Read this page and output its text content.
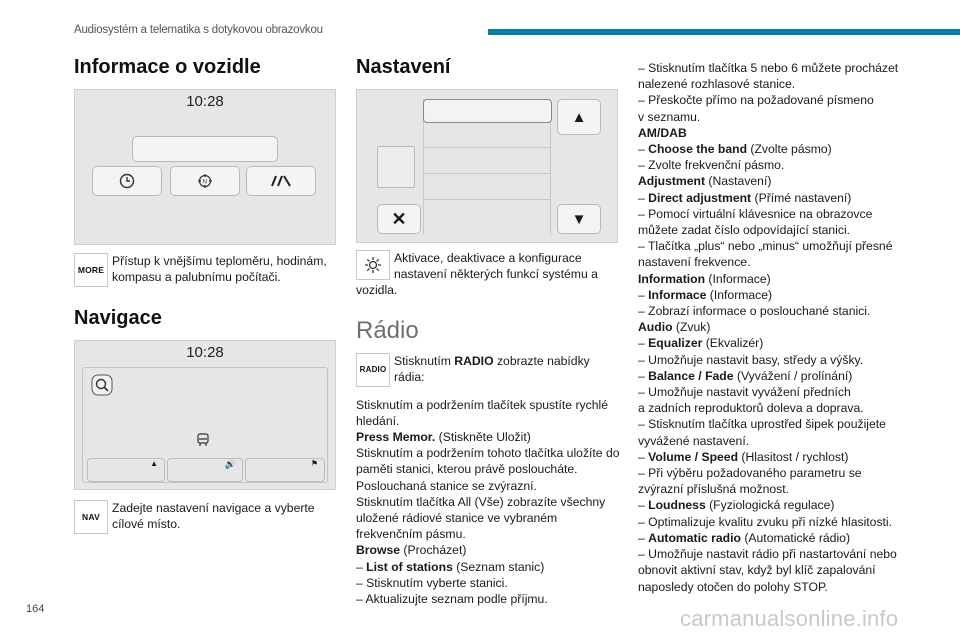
Audiosystém a telematika s dotykovou obrazovkou
Informace o vozidle
10:28
N
MORE
Přístup k vnějšímu teploměru, hodinám, kompasu a palubnímu počítači.
Navigace
10:28
▲	🔊	⚑
NAV
Zadejte nastavení navigace a vyberte cílové místo.
Nastavení
▲
✕	▼
Aktivace, deaktivace a konfigurace nastavení některých funkcí systému a vozidla.
Rádio
RADIO
Stisknutím RADIO zobrazte nabídky rádia:
Stisknutím a podržením tlačítek spustíte rychlé
hledání.
Press Memor. (Stiskněte Uložit)
Stisknutím a podržením tohoto tlačítka uložíte do
paměti stanici, kterou právě posloucháte.
Poslouchaná stanice se zvýrazní.
Stisknutím tlačítka All (Vše) zobrazíte všechny
uložené rádiové stanice ve vybraném
frekvenčním pásmu.
Browse (Procházet)
– List of stations (Seznam stanic)
– Stisknutím vyberte stanici.
– Aktualizujte seznam podle příjmu.
– Stisknutím tlačítka 5 nebo 6 můžete procházet
nalezené rozhlasové stanice.
– Přeskočte přímo na požadované písmeno
v seznamu.
AM/DAB
– Choose the band (Zvolte pásmo)
– Zvolte frekvenční pásmo.
Adjustment (Nastavení)
– Direct adjustment (Přímé nastavení)
– Pomocí virtuální klávesnice na obrazovce
můžete zadat číslo odpovídající stanici.
– Tlačítka „plus“ nebo „minus“ umožňují přesné
nastavení frekvence.
Information (Informace)
– Informace (Informace)
– Zobrazí informace o poslouchané stanici.
Audio (Zvuk)
– Equalizer (Ekvalizér)
– Umožňuje nastavit basy, středy a výšky.
– Balance / Fade (Vyvážení / prolínání)
– Umožňuje nastavit vyvážení předních
a zadních reproduktorů doleva a doprava.
– Stisknutím tlačítka uprostřed šipek použijete
vyvážené nastavení.
– Volume / Speed (Hlasitost / rychlost)
– Při výběru požadovaného parametru se
zvýrazní příslušná možnost.
– Loudness (Fyziologická regulace)
– Optimalizuje kvalitu zvuku při nízké hlasitosti.
– Automatic radio (Automatické rádio)
– Umožňuje nastavit rádio při nastartování nebo
obnovit aktivní stav, když byl klíč zapalování
naposledy otočen do polohy STOP.
164	carmanualsonline.info
